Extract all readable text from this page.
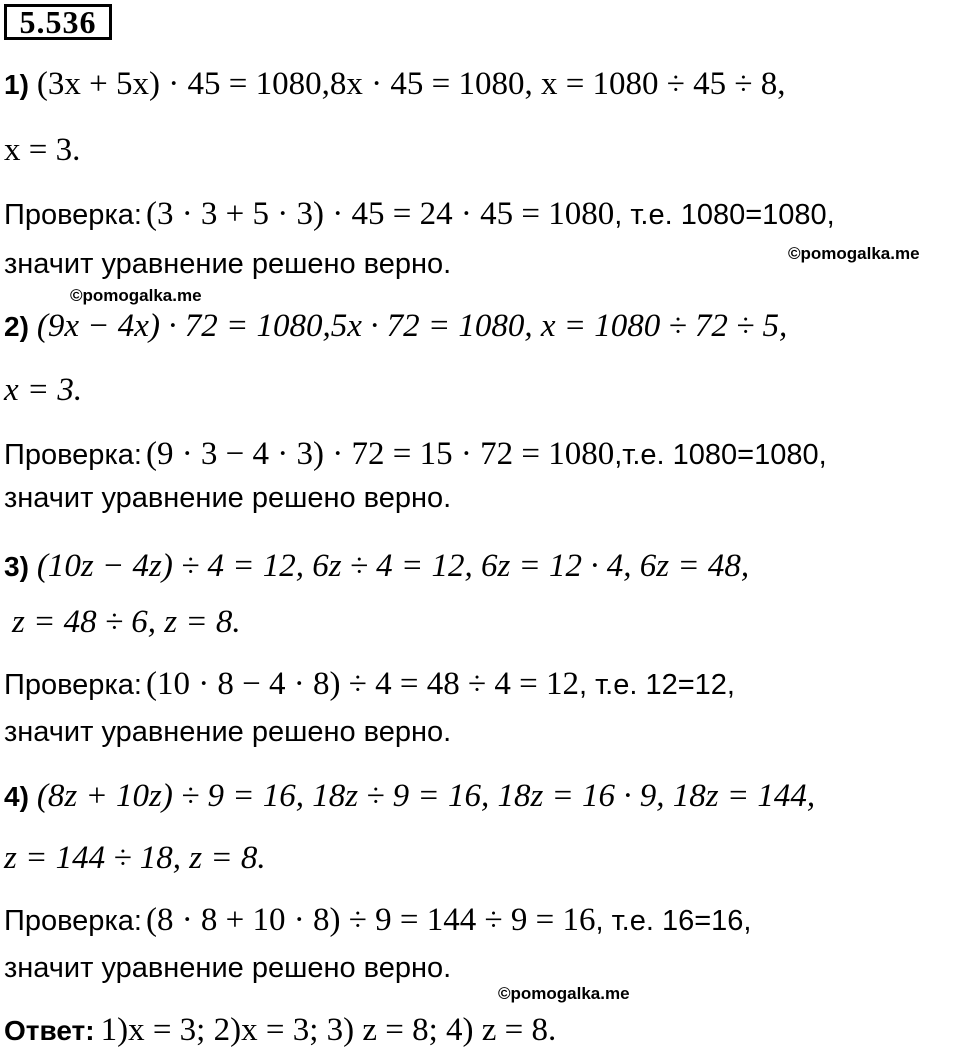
5.536
1) (3x + 5x) · 45 = 1080,8x · 45 = 1080, x = 1080 ÷ 45 ÷ 8,
x = 3.
Проверка: (3 · 3 + 5 · 3) · 45 = 24 · 45 = 1080, т.е. 1080=1080,
©pomogalka.me
значит уравнение решено верно.
©pomogalka.me
2) (9x − 4x) · 72 = 1080,5x · 72 = 1080, x = 1080 ÷ 72 ÷ 5,
x = 3.
Проверка: (9 · 3 − 4 · 3) · 72 = 15 · 72 = 1080,т.е. 1080=1080,
значит уравнение решено верно.
3) (10z − 4z) ÷ 4 = 12, 6z ÷ 4 = 12, 6z = 12 · 4, 6z = 48,
z = 48 ÷ 6, z = 8.
Проверка: (10 · 8 − 4 · 8) ÷ 4 = 48 ÷ 4 = 12, т.е. 12=12,
значит уравнение решено верно.
4) (8z + 10z) ÷ 9 = 16, 18z ÷ 9 = 16, 18z = 16 · 9, 18z = 144,
z = 144 ÷ 18, z = 8.
Проверка: (8 · 8 + 10 · 8) ÷ 9 = 144 ÷ 9 = 16, т.е. 16=16,
значит уравнение решено верно.
©pomogalka.me
Ответ: 1)x = 3; 2)x = 3; 3) z = 8; 4) z = 8.
